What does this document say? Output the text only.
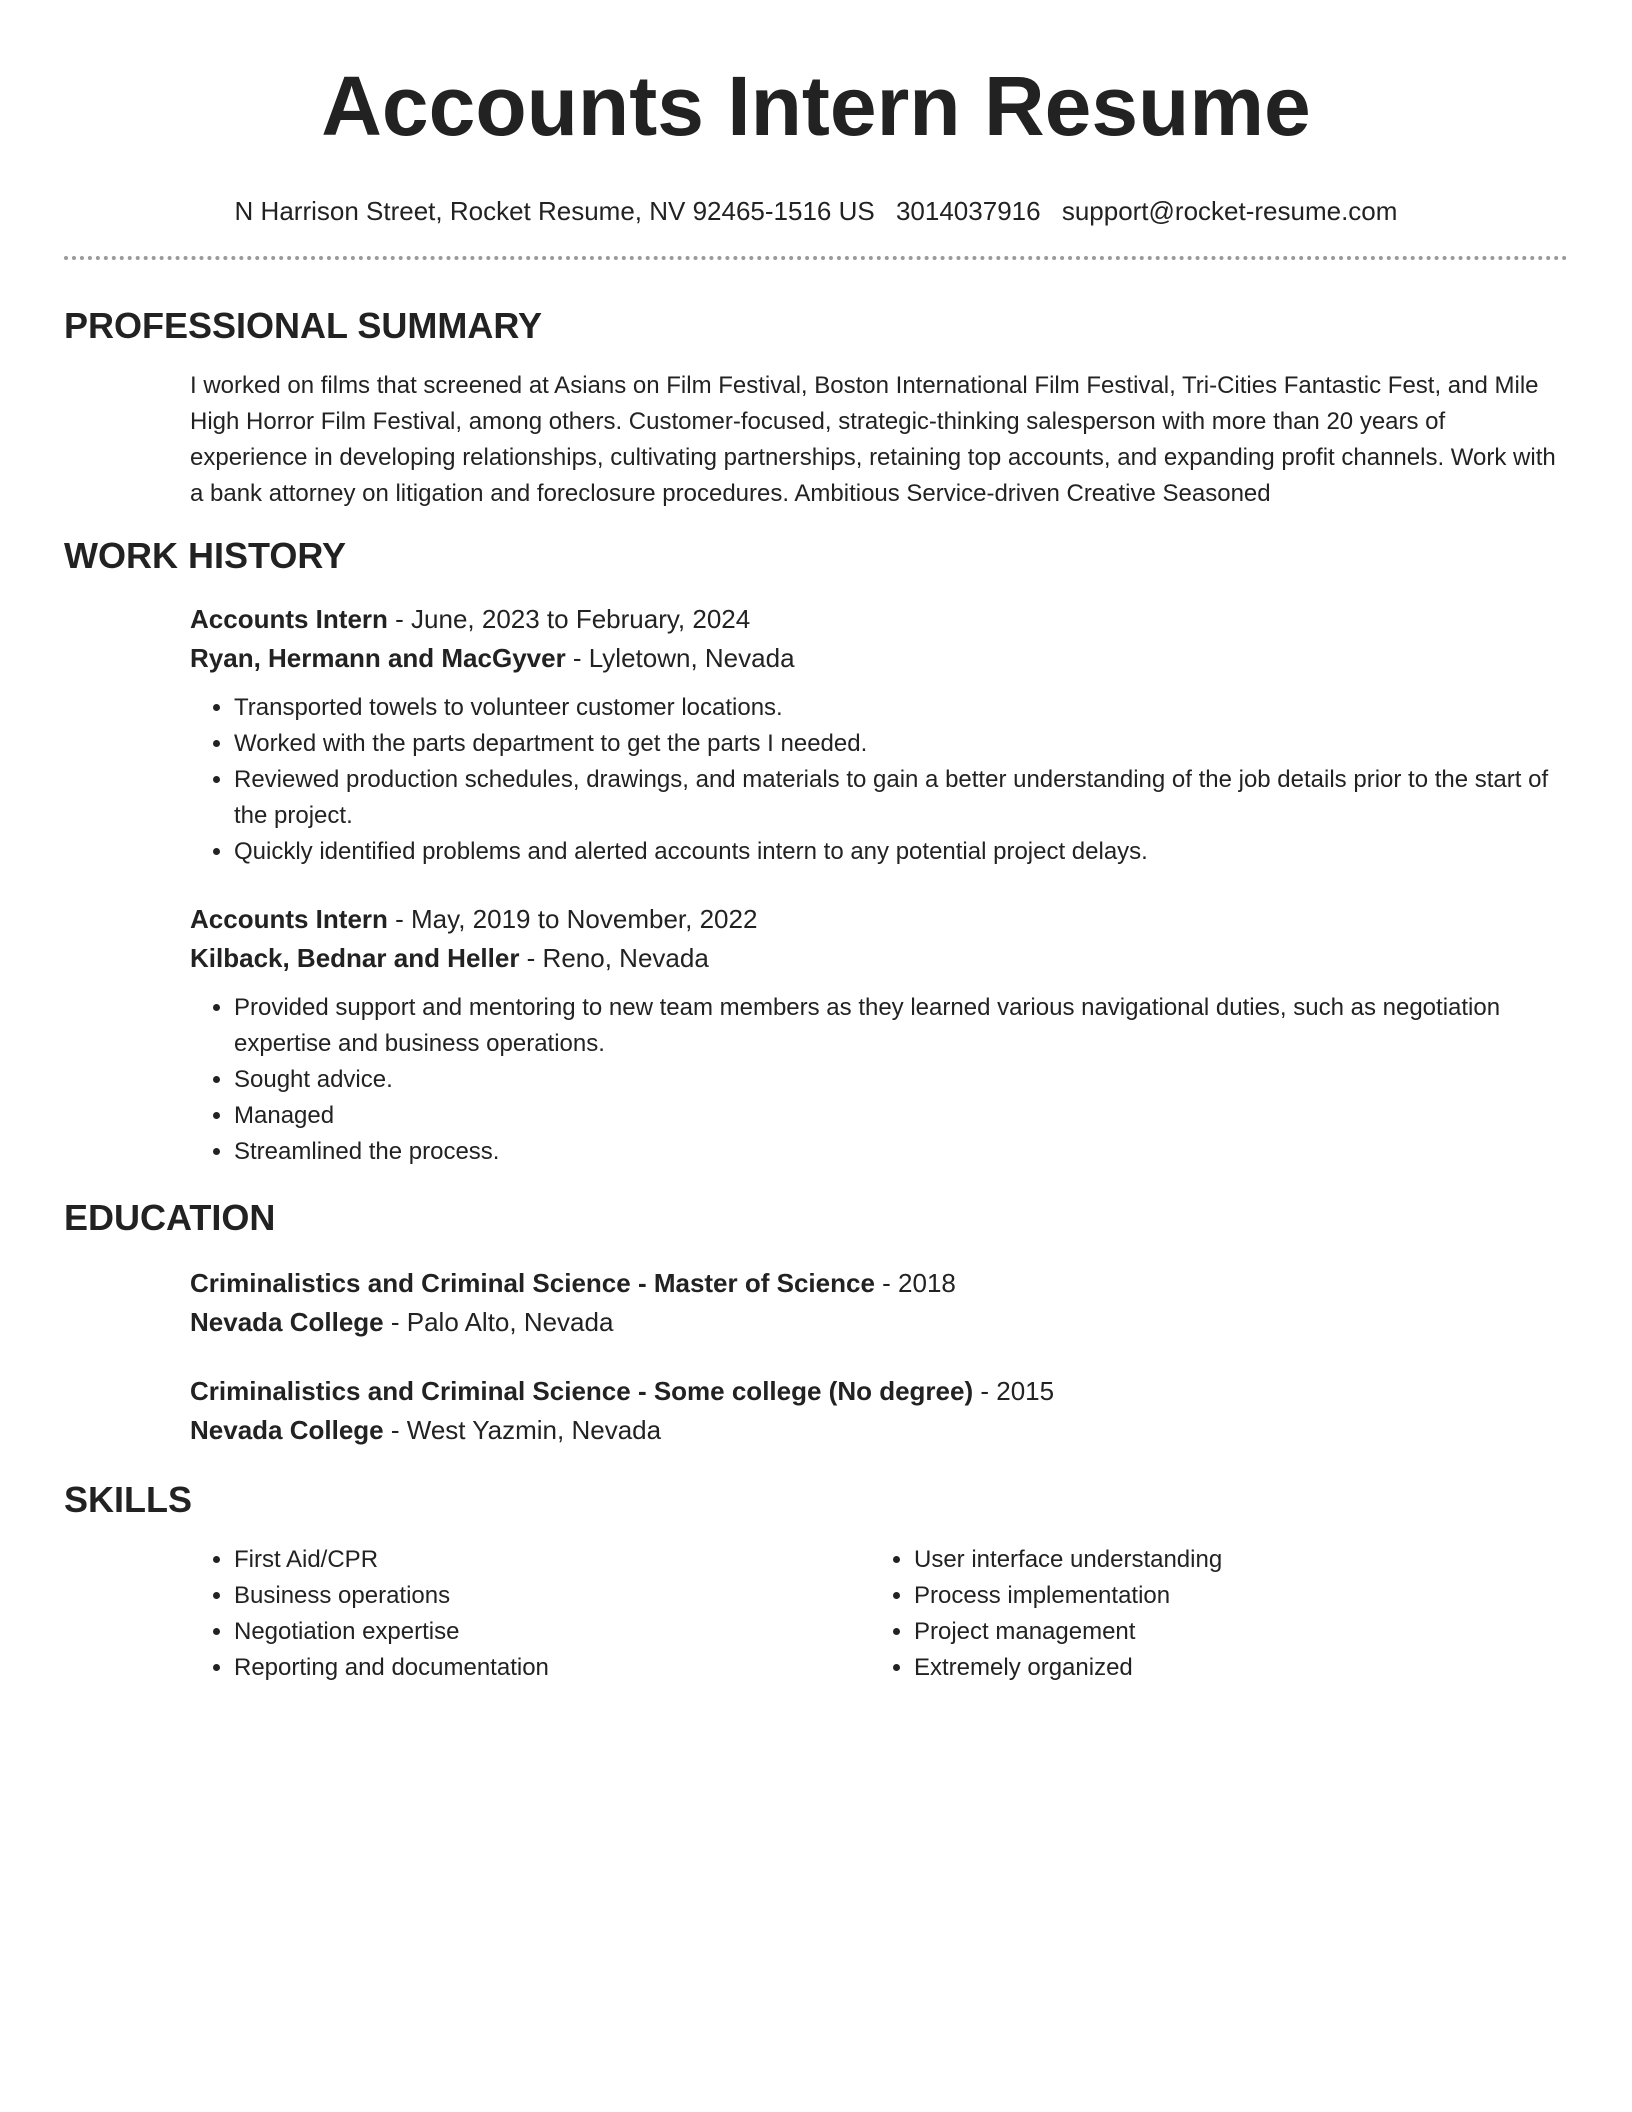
Accounts Intern Resume
N Harrison Street, Rocket Resume, NV 92465-1516 US 3014037916 support@rocket-resume.com
PROFESSIONAL SUMMARY

I worked on films that screened at Asians on Film Festival, Boston International Film Festival, Tri-Cities Fantastic Fest, and Mile High Horror Film Festival, among others. Customer-focused, strategic-thinking salesperson with more than 20 years of experience in developing relationships, cultivating partnerships, retaining top accounts, and expanding profit channels. Work with a bank attorney on litigation and foreclosure procedures. Ambitious Service-driven Creative Seasoned

WORK HISTORY
Accounts Intern - June, 2023 to February, 2024
Ryan, Hermann and MacGyver - Lyletown, Nevada
• Transported towels to volunteer customer locations.
• Worked with the parts department to get the parts I needed.
• Reviewed production schedules, drawings, and materials to gain a better understanding of the job details prior to the start of the project.
• Quickly identified problems and alerted accounts intern to any potential project delays.
Accounts Intern - May, 2019 to November, 2022
Kilback, Bednar and Heller - Reno, Nevada
• Provided support and mentoring to new team members as they learned various navigational duties, such as negotiation expertise and business operations.
• Sought advice.
• Managed
• Streamlined the process.
EDUCATION
Criminalistics and Criminal Science - Master of Science - 2018
Nevada College - Palo Alto, Nevada
Criminalistics and Criminal Science - Some college (No degree) - 2015
Nevada College - West Yazmin, Nevada
SKILLS
• First Aid/CPR
• Business operations
• Negotiation expertise
• Reporting and documentation
• User interface understanding
• Process implementation
• Project management
• Extremely organized
